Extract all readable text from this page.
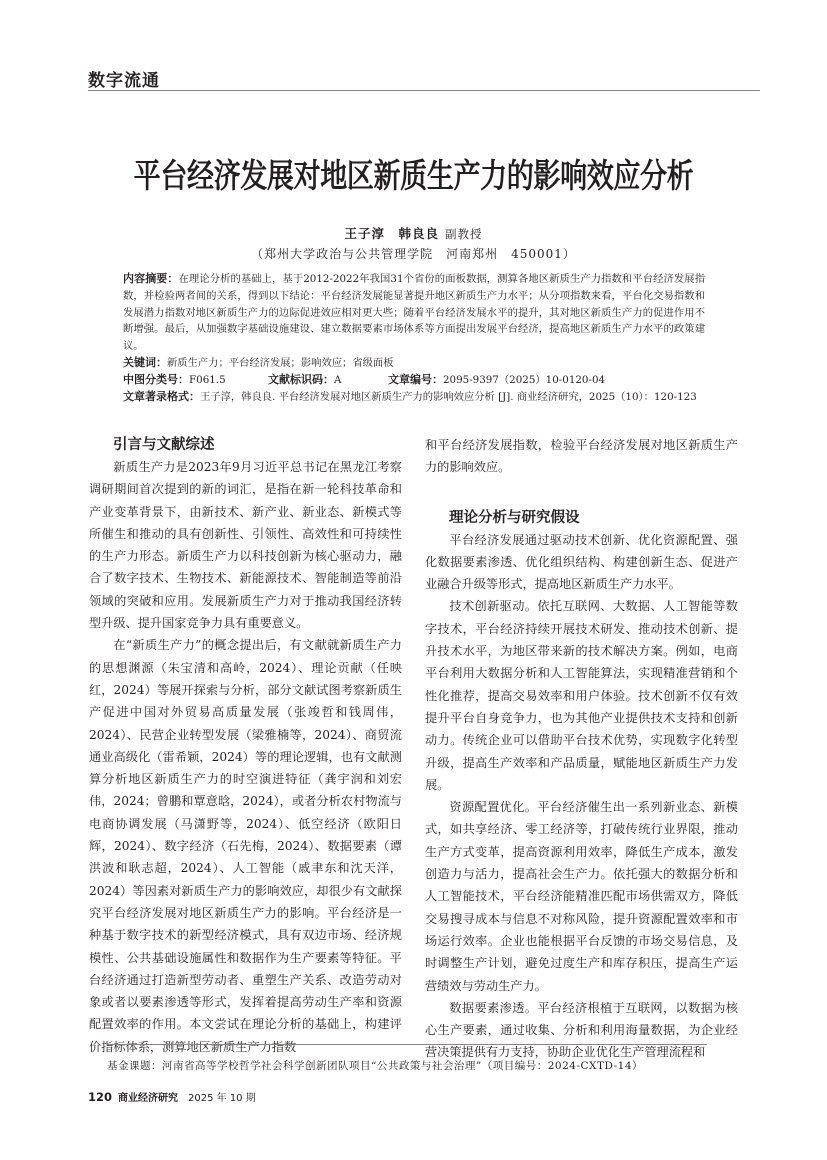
数字流通
平台经济发展对地区新质生产力的影响效应分析
王子淳　韩良良 副教授
（郑州大学政治与公共管理学院　河南郑州　450001）
内容摘要：在理论分析的基础上，基于2012-2022年我国31个省份的面板数据，测算各地区新质生产力指数和平台经济发展指数，并检验两者间的关系，得到以下结论：平台经济发展能显著提升地区新质生产力水平；从分项指数来看，平台化交易指数和发展潜力指数对地区新质生产力的边际促进效应相对更大些；随着平台经济发展水平的提升，其对地区新质生产力的促进作用不断增强。最后，从加强数字基础设施建设、建立数据要素市场体系等方面提出发展平台经济，提高地区新质生产力水平的政策建议。
关键词：新质生产力；平台经济发展；影响效应；省级面板
中图分类号：F061.5	文献标识码：A	文章编号：2095-9397（2025）10-0120-04
文章著录格式：王子淳，韩良良. 平台经济发展对地区新质生产力的影响效应分析 [J]. 商业经济研究，2025（10）：120-123
引言与文献综述

新质生产力是2023年9月习近平总书记在黑龙江考察调研期间首次提到的新的词汇，是指在新一轮科技革命和产业变革背景下，由新技术、新产业、新业态、新模式等所催生和推动的具有创新性、引领性、高效性和可持续性的生产力形态。新质生产力以科技创新为核心驱动力，融合了数字技术、生物技术、新能源技术、智能制造等前沿领域的突破和应用。发展新质生产力对于推动我国经济转型升级、提升国家竞争力具有重要意义。

在“新质生产力”的概念提出后，有文献就新质生产力的思想渊源（朱宝清和高岭，2024）、理论贡献（任映红，2024）等展开探索与分析，部分文献试图考察新质生产促进中国对外贸易高质量发展（张竣哲和钱周伟，2024）、民营企业转型发展（梁雅楠等，2024）、商贸流通业高级化（雷希颖，2024）等的理论逻辑，也有文献测算分析地区新质生产力的时空演进特征（龚宇润和刘宏伟，2024；曾鹏和覃意晗，2024），或者分析农村物流与电商协调发展（马潇野等，2024）、低空经济（欧阳日辉，2024）、数字经济（石先梅，2024）、数据要素（谭洪波和耿志超，2024）、人工智能（戚聿东和沈天洋，2024）等因素对新质生产力的影响效应，却很少有文献探究平台经济发展对地区新质生产力的影响。平台经济是一种基于数字技术的新型经济模式，具有双边市场、经济规模性、公共基础设施属性和数据作为生产要素等特征。平台经济通过打造新型劳动者、重塑生产关系、改造劳动对象或者以要素渗透等形式，发挥着提高劳动生产率和资源配置效率的作用。本文尝试在理论分析的基础上，构建评价指标体系，测算地区新质生产力指数

和平台经济发展指数，检验平台经济发展对地区新质生产力的影响效应。

理论分析与研究假设

平台经济发展通过驱动技术创新、优化资源配置、强化数据要素渗透、优化组织结构、构建创新生态、促进产业融合升级等形式，提高地区新质生产力水平。

技术创新驱动。依托互联网、大数据、人工智能等数字技术，平台经济持续开展技术研发、推动技术创新、提升技术水平，为地区带来新的技术解决方案。例如，电商平台利用大数据分析和人工智能算法，实现精准营销和个性化推荐，提高交易效率和用户体验。技术创新不仅有效提升平台自身竞争力，也为其他产业提供技术支持和创新动力。传统企业可以借助平台技术优势，实现数字化转型升级，提高生产效率和产品质量，赋能地区新质生产力发展。

资源配置优化。平台经济催生出一系列新业态、新模式，如共享经济、零工经济等，打破传统行业界限，推动生产方式变革，提高资源利用效率，降低生产成本，激发创造力与活力，提高社会生产力。依托强大的数据分析和人工智能技术，平台经济能精准匹配市场供需双方，降低交易搜寻成本与信息不对称风险，提升资源配置效率和市场运行效率。企业也能根据平台反馈的市场交易信息，及时调整生产计划，避免过度生产和库存积压，提高生产运营绩效与劳动生产力。

数据要素渗透。平台经济根植于互联网，以数据为核心生产要素，通过收集、分析和利用海量数据，为企业经营决策提供有力支持，协助企业优化生产管理流程和

基金课题：河南省高等学校哲学社会科学创新团队项目“公共政策与社会治理”（项目编号：2024-CXTD-14）
120 商业经济研究 2025 年 10 期
